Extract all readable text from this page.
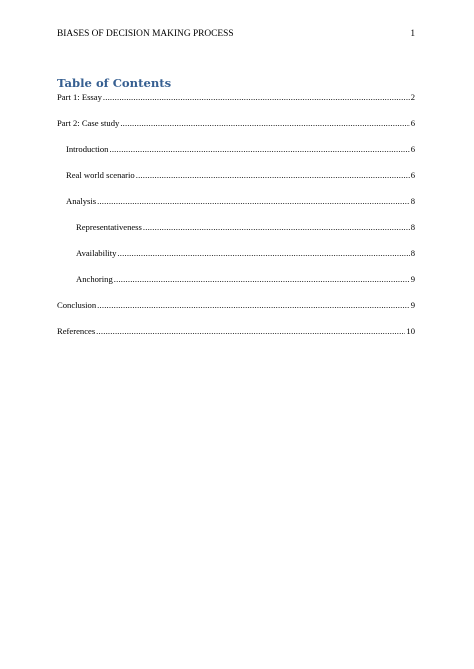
BIASES OF DECISION MAKING PROCESS	1
Table of Contents
Part 1: Essay .....	2
Part 2: Case study .....	6
Introduction .....	6
Real world scenario .....	6
Analysis .....	8
Representativeness .....	8
Availability .....	8
Anchoring .....	9
Conclusion .....	9
References .....	10
